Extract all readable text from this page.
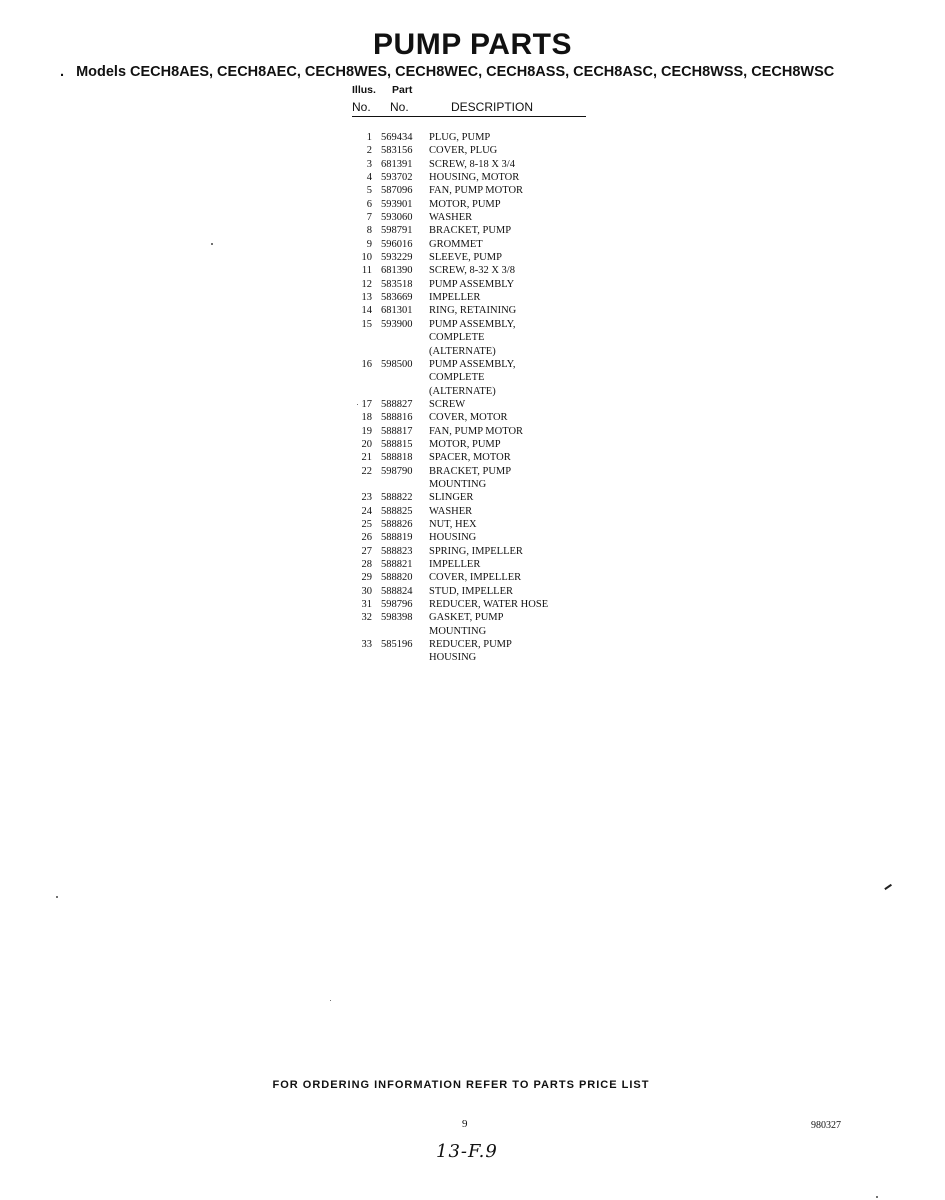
PUMP PARTS
. Models CECH8AES, CECH8AEC, CECH8WES, CECH8WEC, CECH8ASS, CECH8ASC, CECH8WSS, CECH8WSC
Illus. Part
No. No.	DESCRIPTION
1 569434 PLUG, PUMP
2 583156 COVER, PLUG
3 681391 SCREW, 8-18 X 3/4
4 593702 HOUSING, MOTOR
5 587096 FAN, PUMP MOTOR
6 593901 MOTOR, PUMP
7 593060 WASHER
8 598791 BRACKET, PUMP
9 596016 GROMMET
10 593229 SLEEVE, PUMP
11 681390 SCREW, 8-32 X 3/8
12 583518 PUMP ASSEMBLY
13 583669 IMPELLER
14 681301 RING, RETAINING
15 593900 PUMP ASSEMBLY,
COMPLETE
(ALTERNATE)
16 598500 PUMP ASSEMBLY,
COMPLETE
(ALTERNATE)
17 588827 SCREW
18 588816 COVER, MOTOR
19 588817 FAN, PUMP MOTOR
20 588815 MOTOR, PUMP
21 588818 SPACER, MOTOR
22 598790 BRACKET, PUMP
MOUNTING
23 588822 SLINGER
24 588825 WASHER
25 588826 NUT, HEX
26 588819 HOUSING
27 588823 SPRING, IMPELLER
28 588821 IMPELLER
29 588820 COVER, IMPELLER
30 588824 STUD, IMPELLER
31 598796 REDUCER, WATER HOSE
32 598398 GASKET, PUMP
MOUNTING
33 585196 REDUCER, PUMP
HOUSING
FOR ORDERING INFORMATION REFER TO PARTS PRICE LIST
9	980327
13-F.9
